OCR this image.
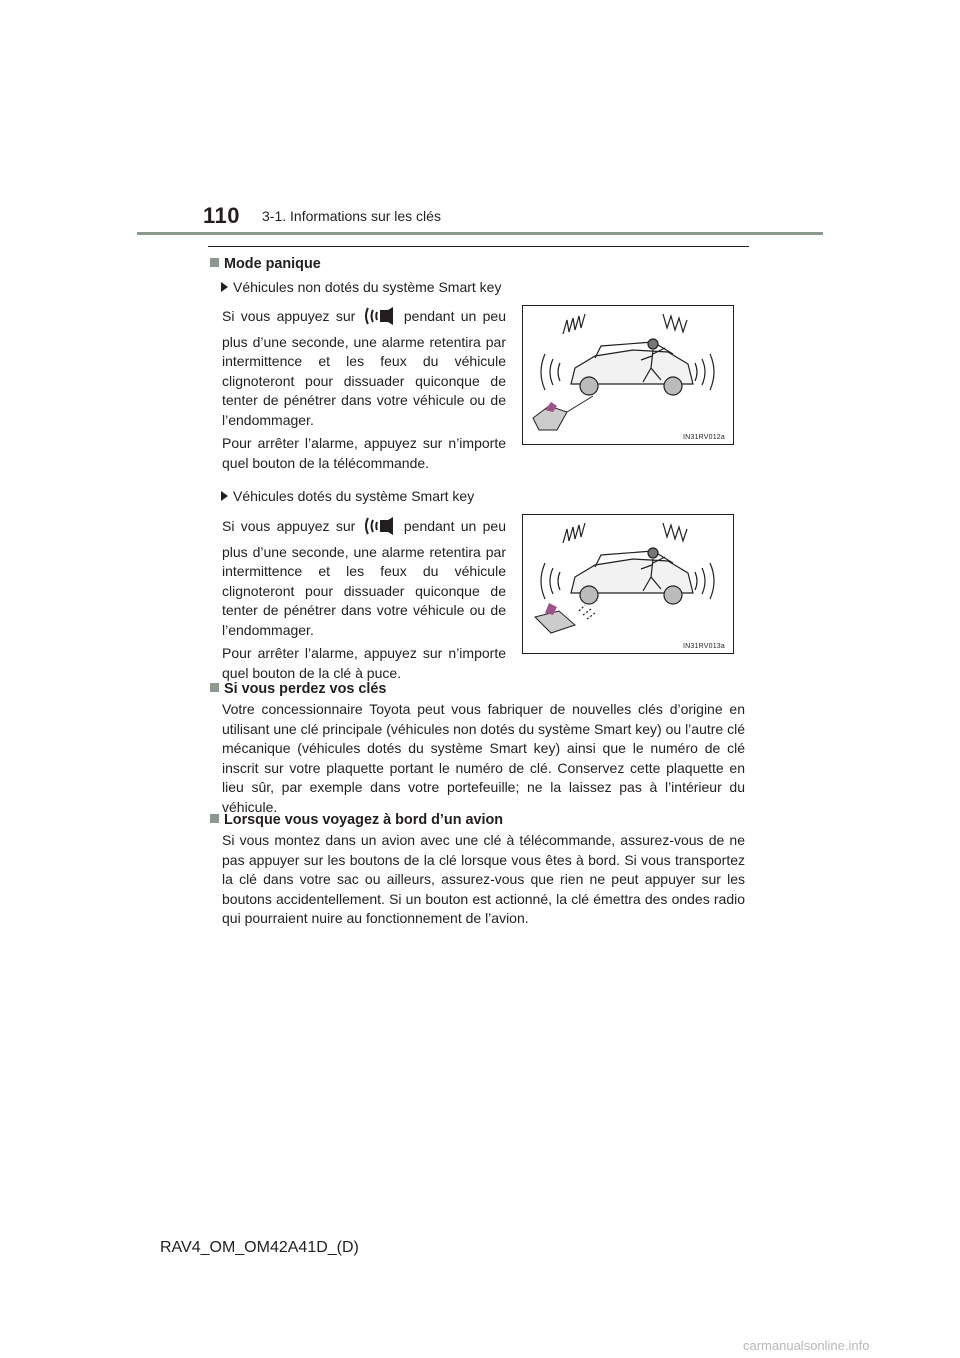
110 3-1. Informations sur les clés
Mode panique
Véhicules non dotés du système Smart key

Si vous appuyez sur	pendant un peu plus d’une seconde, une alarme retentira par intermittence et les feux du véhicule clignoteront pour dissuader quiconque de tenter de pénétrer dans votre véhicule ou de l’endommager.

Pour arrêter l’alarme, appuyez sur n’importe quel bouton de la télécommande.

IN31RV012a
Véhicules dotés du système Smart key

Si vous appuyez sur	pendant un peu plus d’une seconde, une alarme retentira par intermittence et les feux du véhicule clignoteront pour dissuader quiconque de tenter de pénétrer dans votre véhicule ou de l’endommager.

Pour arrêter l’alarme, appuyez sur n’importe quel bouton de la clé à puce.

IN31RV013a
Si vous perdez vos clés
Votre concessionnaire Toyota peut vous fabriquer de nouvelles clés d’origine en utilisant une clé principale (véhicules non dotés du système Smart key) ou l’autre clé mécanique (véhicules dotés du système Smart key) ainsi que le numéro de clé inscrit sur votre plaquette portant le numéro de clé. Conservez cette plaquette en lieu sûr, par exemple dans votre portefeuille; ne la laissez pas à l’intérieur du véhicule.
Lorsque vous voyagez à bord d’un avion
Si vous montez dans un avion avec une clé à télécommande, assurez-vous de ne pas appuyer sur les boutons de la clé lorsque vous êtes à bord. Si vous transportez la clé dans votre sac ou ailleurs, assurez-vous que rien ne peut appuyer sur les boutons accidentellement. Si un bouton est actionné, la clé émettra des ondes radio qui pourraient nuire au fonctionnement de l’avion.
RAV4_OM_OM42A41D_(D)
carmanualsonline.info
